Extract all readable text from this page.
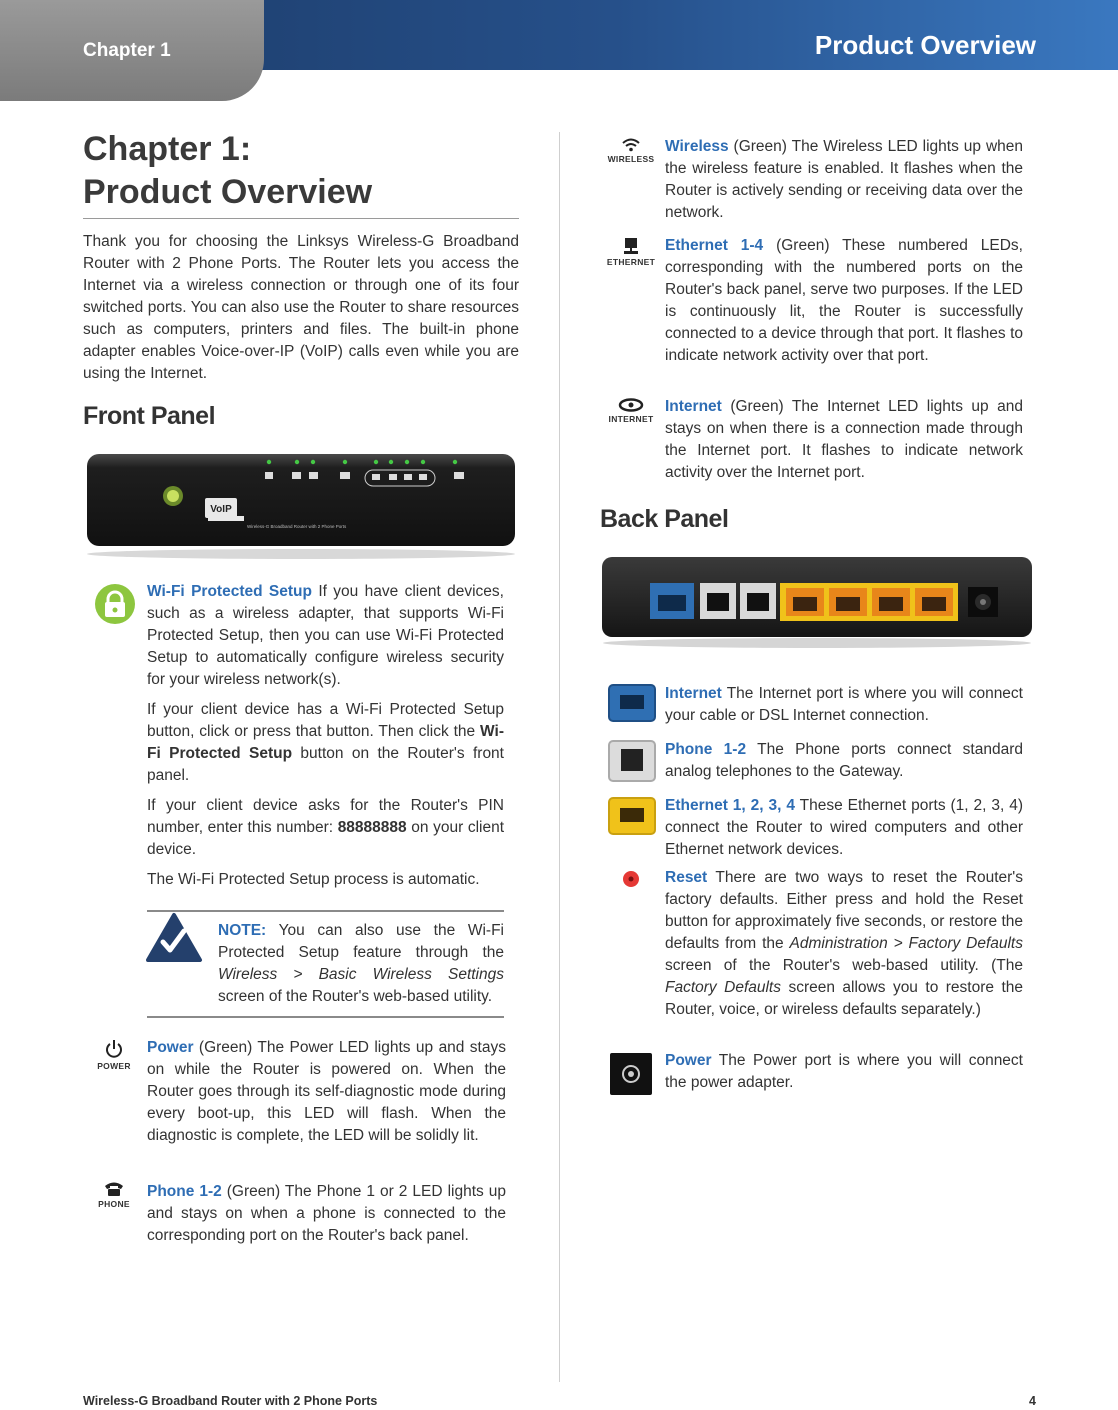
Chapter 1	Product Overview
Chapter 1:
Product Overview
Thank you for choosing the Linksys Wireless-G Broadband Router with 2 Phone Ports. The Router lets you access the Internet via a wireless connection or through one of its four switched ports. You can also use the Router to share resources such as computers, printers and files. The built-in phone adapter enables Voice-over-IP (VoIP) calls even while you are using the Internet.
Front Panel
VoIP
Wireless-G Broadband Router with 2 Phone Ports

Wi-Fi Protected Setup If you have client devices, such as a wireless adapter, that supports Wi-Fi Protected Setup, then you can use Wi-Fi Protected Setup to automatically configure wireless security for your wireless network(s).

If your client device has a Wi-Fi Protected Setup button, click or press that button. Then click the Wi-Fi Protected Setup button on the Router's front panel.

If your client device asks for the Router's PIN number, enter this number: 88888888 on your client device.

The Wi-Fi Protected Setup process is automatic.

NOTE: You can also use the Wi-Fi Protected Setup feature through the Wireless > Basic Wireless Settings screen of the Router's web-based utility.
POWER
Power (Green) The Power LED lights up and stays on while the Router is powered on. When the Router goes through its self-diagnostic mode during every boot-up, this LED will flash. When the diagnostic is complete, the LED will be solidly lit.
PHONE
Phone 1-2 (Green) The Phone 1 or 2 LED lights up and stays on when a phone is connected to the corresponding port on the Router's back panel.
WIRELESS
Wireless (Green) The Wireless LED lights up when the wireless feature is enabled. It flashes when the Router is actively sending or receiving data over the network.
ETHERNET
Ethernet 1-4 (Green) These numbered LEDs, corresponding with the numbered ports on the Router's back panel, serve two purposes. If the LED is continuously lit, the Router is successfully connected to a device through that port. It flashes to indicate network activity over that port.
INTERNET
Internet (Green) The Internet LED lights up and stays on when there is a connection made through the Internet port. It flashes to indicate network activity over the Internet port.
Back Panel
Internet The Internet port is where you will connect your cable or DSL Internet connection.
Phone 1-2 The Phone ports connect standard analog telephones to the Gateway.
Ethernet 1, 2, 3, 4 These Ethernet ports (1, 2, 3, 4) connect the Router to wired computers and other Ethernet network devices.
Reset There are two ways to reset the Router's factory defaults. Either press and hold the Reset button for approximately five seconds, or restore the defaults from the Administration > Factory Defaults screen of the Router's web-based utility. (The Factory Defaults screen allows you to restore the Router, voice, or wireless defaults separately.)
Power The Power port is where you will connect the power adapter.
Wireless-G Broadband Router with 2 Phone Ports	4
